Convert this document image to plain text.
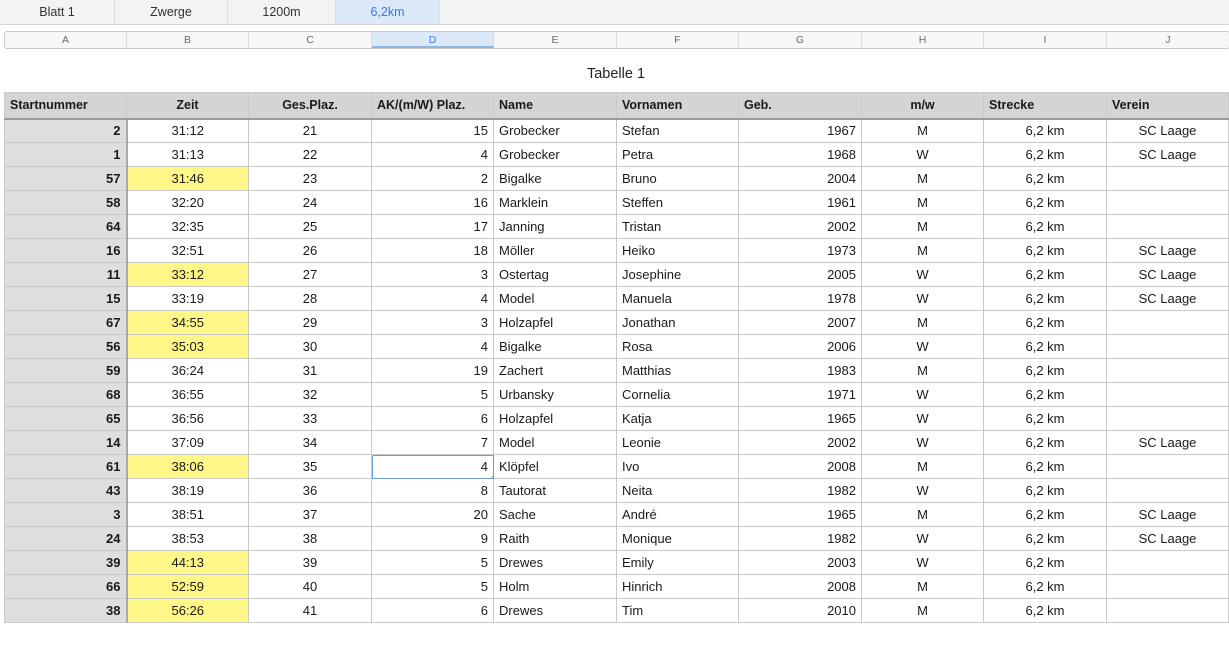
Blatt 1	Zwerge	1200m	6,2km
A	B	C	D	E	F	G	H	I	J
Tabelle 1
Startnummer	Zeit	Ges.Plaz.	AK/(m/W) Plaz.	Name	Vornamen	Geb.	m/w	Strecke	Verein
2	31:12	21	15	Grobecker	Stefan	1967	M	6,2 km	SC Laage
1	31:13	22	4	Grobecker	Petra	1968	W	6,2 km	SC Laage
57	31:46	23	2	Bigalke	Bruno	2004	M	6,2 km	
58	32:20	24	16	Marklein	Steffen	1961	M	6,2 km	
64	32:35	25	17	Janning	Tristan	2002	M	6,2 km	
16	32:51	26	18	Möller	Heiko	1973	M	6,2 km	SC Laage
11	33:12	27	3	Ostertag	Josephine	2005	W	6,2 km	SC Laage
15	33:19	28	4	Model	Manuela	1978	W	6,2 km	SC Laage
67	34:55	29	3	Holzapfel	Jonathan	2007	M	6,2 km	
56	35:03	30	4	Bigalke	Rosa	2006	W	6,2 km	
59	36:24	31	19	Zachert	Matthias	1983	M	6,2 km	
68	36:55	32	5	Urbansky	Cornelia	1971	W	6,2 km	
65	36:56	33	6	Holzapfel	Katja	1965	W	6,2 km	
14	37:09	34	7	Model	Leonie	2002	W	6,2 km	SC Laage
61	38:06	35	4	Klöpfel	Ivo	2008	M	6,2 km	
43	38:19	36	8	Tautorat	Neita	1982	W	6,2 km	
3	38:51	37	20	Sache	André	1965	M	6,2 km	SC Laage
24	38:53	38	9	Raith	Monique	1982	W	6,2 km	SC Laage
39	44:13	39	5	Drewes	Emily	2003	W	6,2 km	
66	52:59	40	5	Holm	Hinrich	2008	M	6,2 km	
38	56:26	41	6	Drewes	Tim	2010	M	6,2 km	
